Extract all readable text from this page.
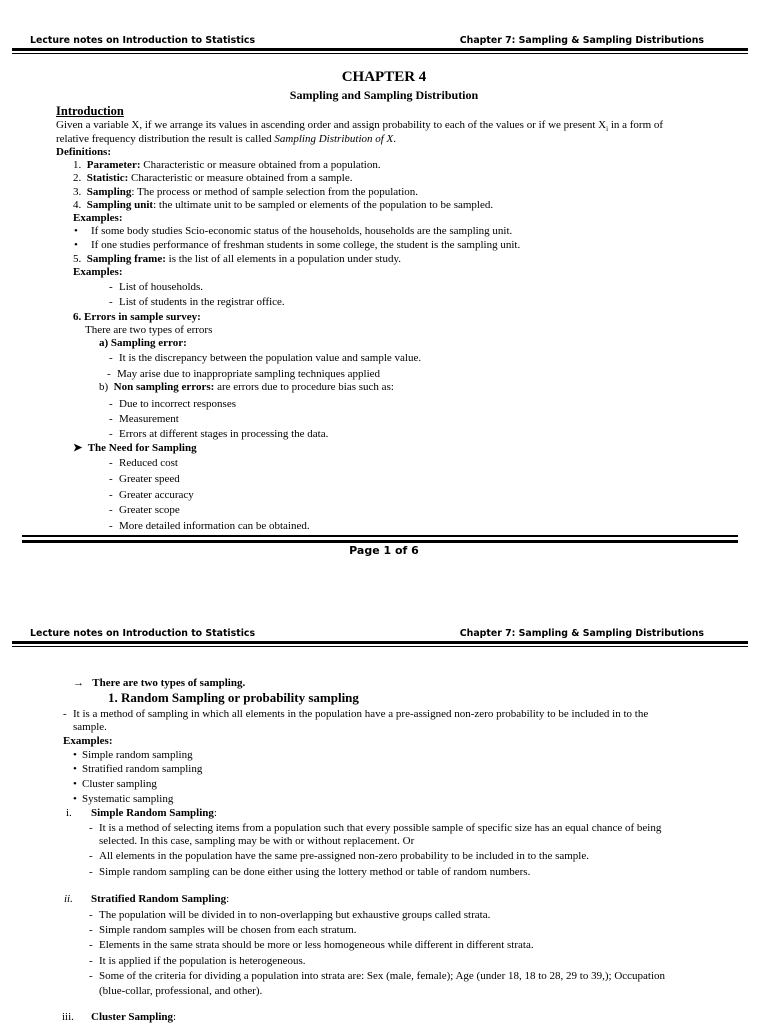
Lecture notes on Introduction to Statistics	Chapter 7: Sampling & Sampling Distributions
CHAPTER 4
Sampling and Sampling Distribution
Introduction
Given a variable X, if we arrange its values in ascending order and assign probability to each of the values or if we present $X_i$ in a form of
relative frequency distribution the result is called Sampling Distribution of X.
Definitions:
1. Parameter: Characteristic or measure obtained from a population.
2. Statistic: Characteristic or measure obtained from a sample.
3. Sampling: The process or method of sample selection from the population.
4. Sampling unit: the ultimate unit to be sampled or elements of the population to be sampled.
Examples:
• If some body studies Scio-economic status of the households, households are the sampling unit.
• If one studies performance of freshman students in some college, the student is the sampling unit.
5. Sampling frame: is the list of all elements in a population under study.
Examples:
- List of households.
- List of students in the registrar office.
6. Errors in sample survey:
There are two types of errors
a) Sampling error:
- It is the discrepancy between the population value and sample value.
- May arise due to inappropriate sampling techniques applied
b) Non sampling errors: are errors due to procedure bias such as:
- Due to incorrect responses
- Measurement
- Errors at different stages in processing the data.
➤ The Need for Sampling
- Reduced cost
- Greater speed
- Greater accuracy
- Greater scope
- More detailed information can be obtained.
Page 1 of 6
Lecture notes on Introduction to Statistics	Chapter 7: Sampling & Sampling Distributions
→ There are two types of sampling.
1. Random Sampling or probability sampling
- It is a method of sampling in which all elements in the population have a pre-assigned non-zero probability to be included in to the
sample.
Examples:
• Simple random sampling
• Stratified random sampling
• Cluster sampling
• Systematic sampling
i. Simple Random Sampling:
- It is a method of selecting items from a population such that every possible sample of specific size has an equal chance of being
selected. In this case, sampling may be with or without replacement. Or
- All elements in the population have the same pre-assigned non-zero probability to be included in to the sample.
- Simple random sampling can be done either using the lottery method or table of random numbers.
ii. Stratified Random Sampling:
- The population will be divided in to non-overlapping but exhaustive groups called strata.
- Simple random samples will be chosen from each stratum.
- Elements in the same strata should be more or less homogeneous while different in different strata.
- It is applied if the population is heterogeneous.
- Some of the criteria for dividing a population into strata are: Sex (male, female); Age (under 18, 18 to 28, 29 to 39,); Occupation
(blue-collar, professional, and other).
iii. Cluster Sampling:
